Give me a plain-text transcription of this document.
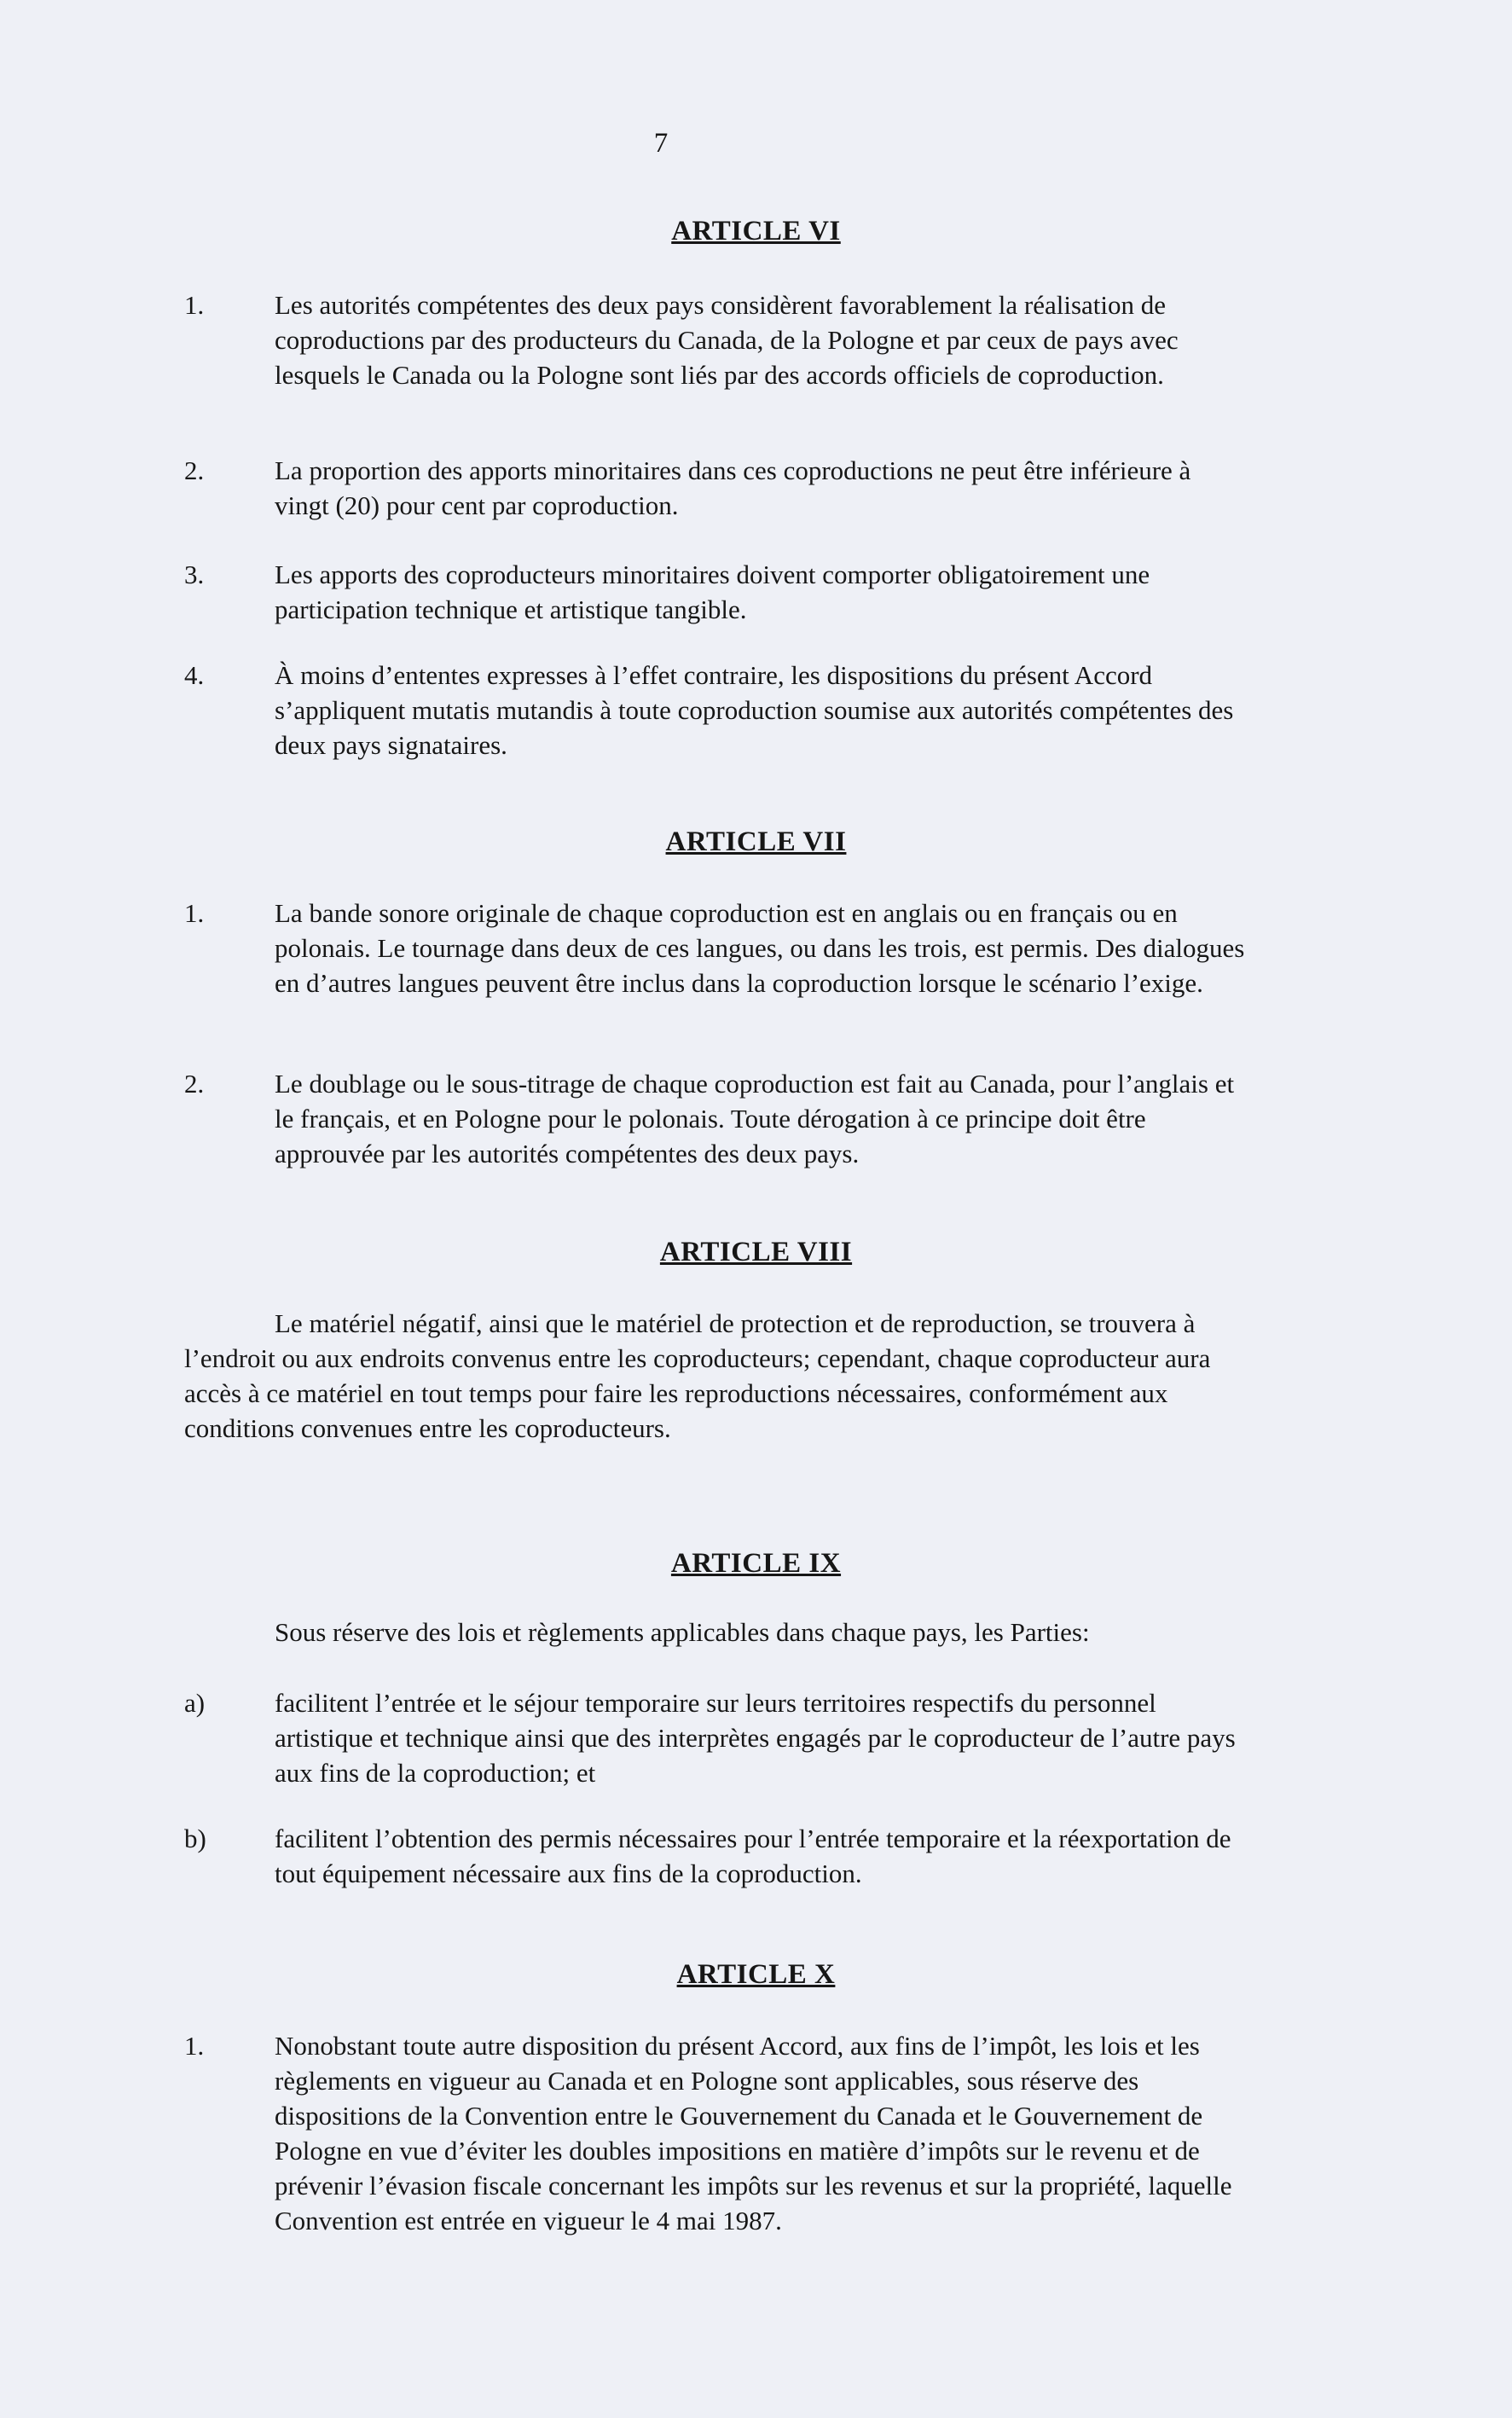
7
ARTICLE VI
1.	Les autorités compétentes des deux pays considèrent favorablement la réalisation de coproductions par des producteurs du Canada, de la Pologne et par ceux de pays avec lesquels le Canada ou la Pologne sont liés par des accords officiels de coproduction.
2.	La proportion des apports minoritaires dans ces coproductions ne peut être inférieure à vingt (20) pour cent par coproduction.
3.	Les apports des coproducteurs minoritaires doivent comporter obligatoirement une participation technique et artistique tangible.
4.	À moins d’ententes expresses à l’effet contraire, les dispositions du présent Accord s’appliquent mutatis mutandis à toute coproduction soumise aux autorités compétentes des deux pays signataires.
ARTICLE VII
1.	La bande sonore originale de chaque coproduction est en anglais ou en français ou en polonais. Le tournage dans deux de ces langues, ou dans les trois, est permis. Des dialogues en d’autres langues peuvent être inclus dans la coproduction lorsque le scénario l’exige.
2.	Le doublage ou le sous-titrage de chaque coproduction est fait au Canada, pour l’anglais et le français, et en Pologne pour le polonais. Toute dérogation à ce principe doit être approuvée par les autorités compétentes des deux pays.
ARTICLE VIII
Le matériel négatif, ainsi que le matériel de protection et de reproduction, se trouvera à l’endroit ou aux endroits convenus entre les coproducteurs; cependant, chaque coproducteur aura accès à ce matériel en tout temps pour faire les reproductions nécessaires, conformément aux conditions convenues entre les coproducteurs.
ARTICLE IX
Sous réserve des lois et règlements applicables dans chaque pays, les Parties:
a)	facilitent l’entrée et le séjour temporaire sur leurs territoires respectifs du personnel artistique et technique ainsi que des interprètes engagés par le coproducteur de l’autre pays aux fins de la coproduction; et
b)	facilitent l’obtention des permis nécessaires pour l’entrée temporaire et la réexportation de tout équipement nécessaire aux fins de la coproduction.
ARTICLE X
1.	Nonobstant toute autre disposition du présent Accord, aux fins de l’impôt, les lois et les règlements en vigueur au Canada et en Pologne sont applicables, sous réserve des dispositions de la Convention entre le Gouvernement du Canada et le Gouvernement de Pologne en vue d’éviter les doubles impositions en matière d’impôts sur le revenu et de prévenir l’évasion fiscale concernant les impôts sur les revenus et sur la propriété, laquelle Convention est entrée en vigueur le 4 mai 1987.
